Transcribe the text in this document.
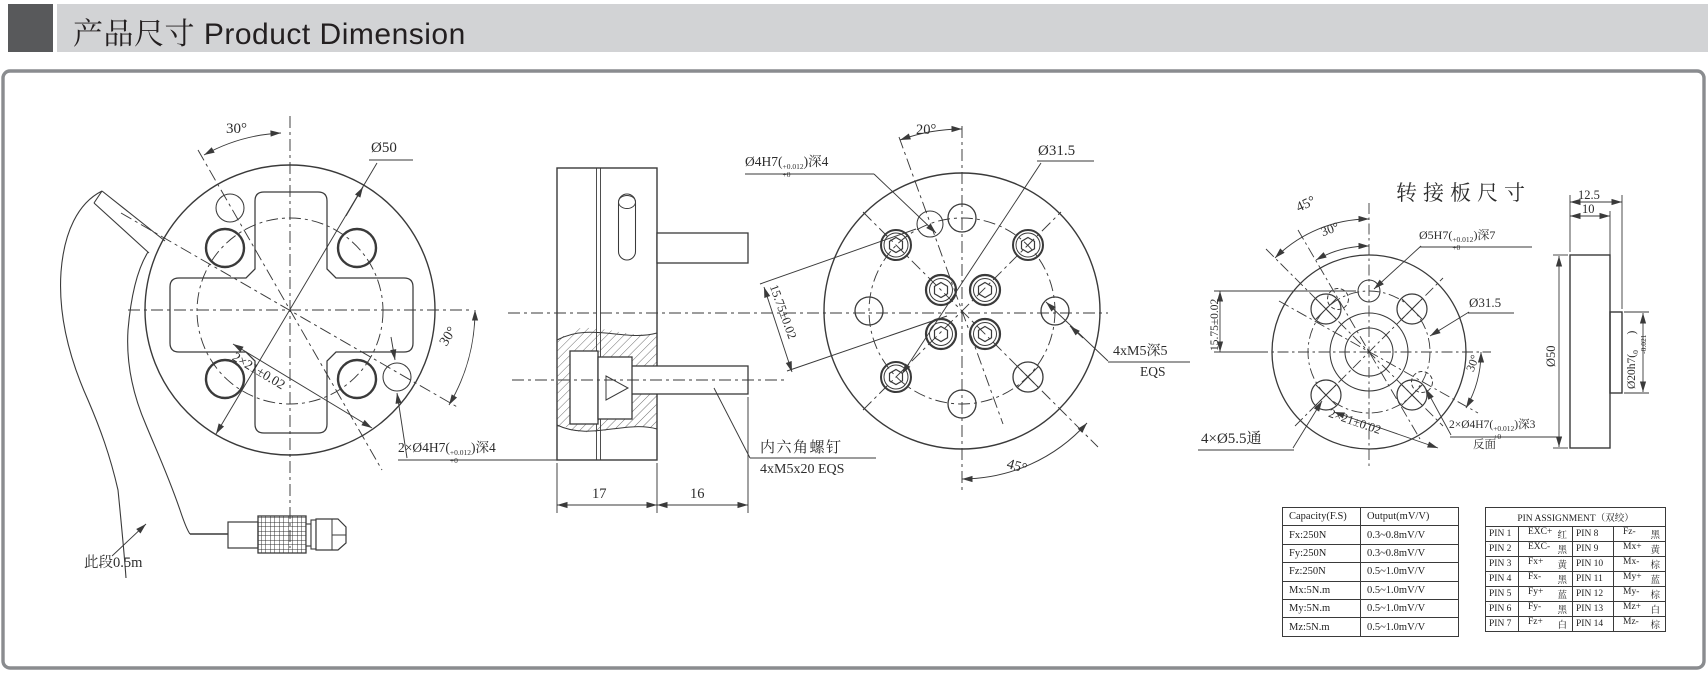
产品尺寸 Product Dimension
30°
Ø50
30°
2×21±0.02
2×Ø4H7( +0.012
+0
)深4
此段0.5m
17	16
内六角螺钉
4xM5x20 EQS
20°
Ø4H7( +0.012
+0
)深4
Ø31.5
15.75±0.02
4xM5深5
EQS
45°
转接板尺寸
45°
30°	Ø5H7( +0.012
+0
)深7
Ø31.5
15.75±0.02
30°
2×Ø4H7( +0.012
+0
)深3
反面
2×21±0.02
4×Ø5.5通
12.5
10
Ø50	Ø20h7(
0
-0.021
)
Capacity(F.S)	Output(mV/V)
Fx:250N	0.3~0.8mV/V
Fy:250N	0.3~0.8mV/V
Fz:250N	0.5~1.0mV/V
Mx:5N.m	0.5~1.0mV/V
My:5N.m	0.5~1.0mV/V
Mz:5N.m	0.5~1.0mV/V
PIN ASSIGNMENT（双绞）			
PIN 1	EXC+ 红	PIN 8	Fz- 黑

PIN 2	EXC- 黑	PIN 9	Mx+ 黄

PIN 3	Fx+ 黄	PIN 10	Mx- 棕

PIN 4	Fx- 黑	PIN 11	My+ 蓝

PIN 5	Fy+ 蓝	PIN 12	My- 棕

PIN 6	Fy- 黑	PIN 13	Mz+ 白

PIN 7	Fz+ 白	PIN 14	Mz- 棕
